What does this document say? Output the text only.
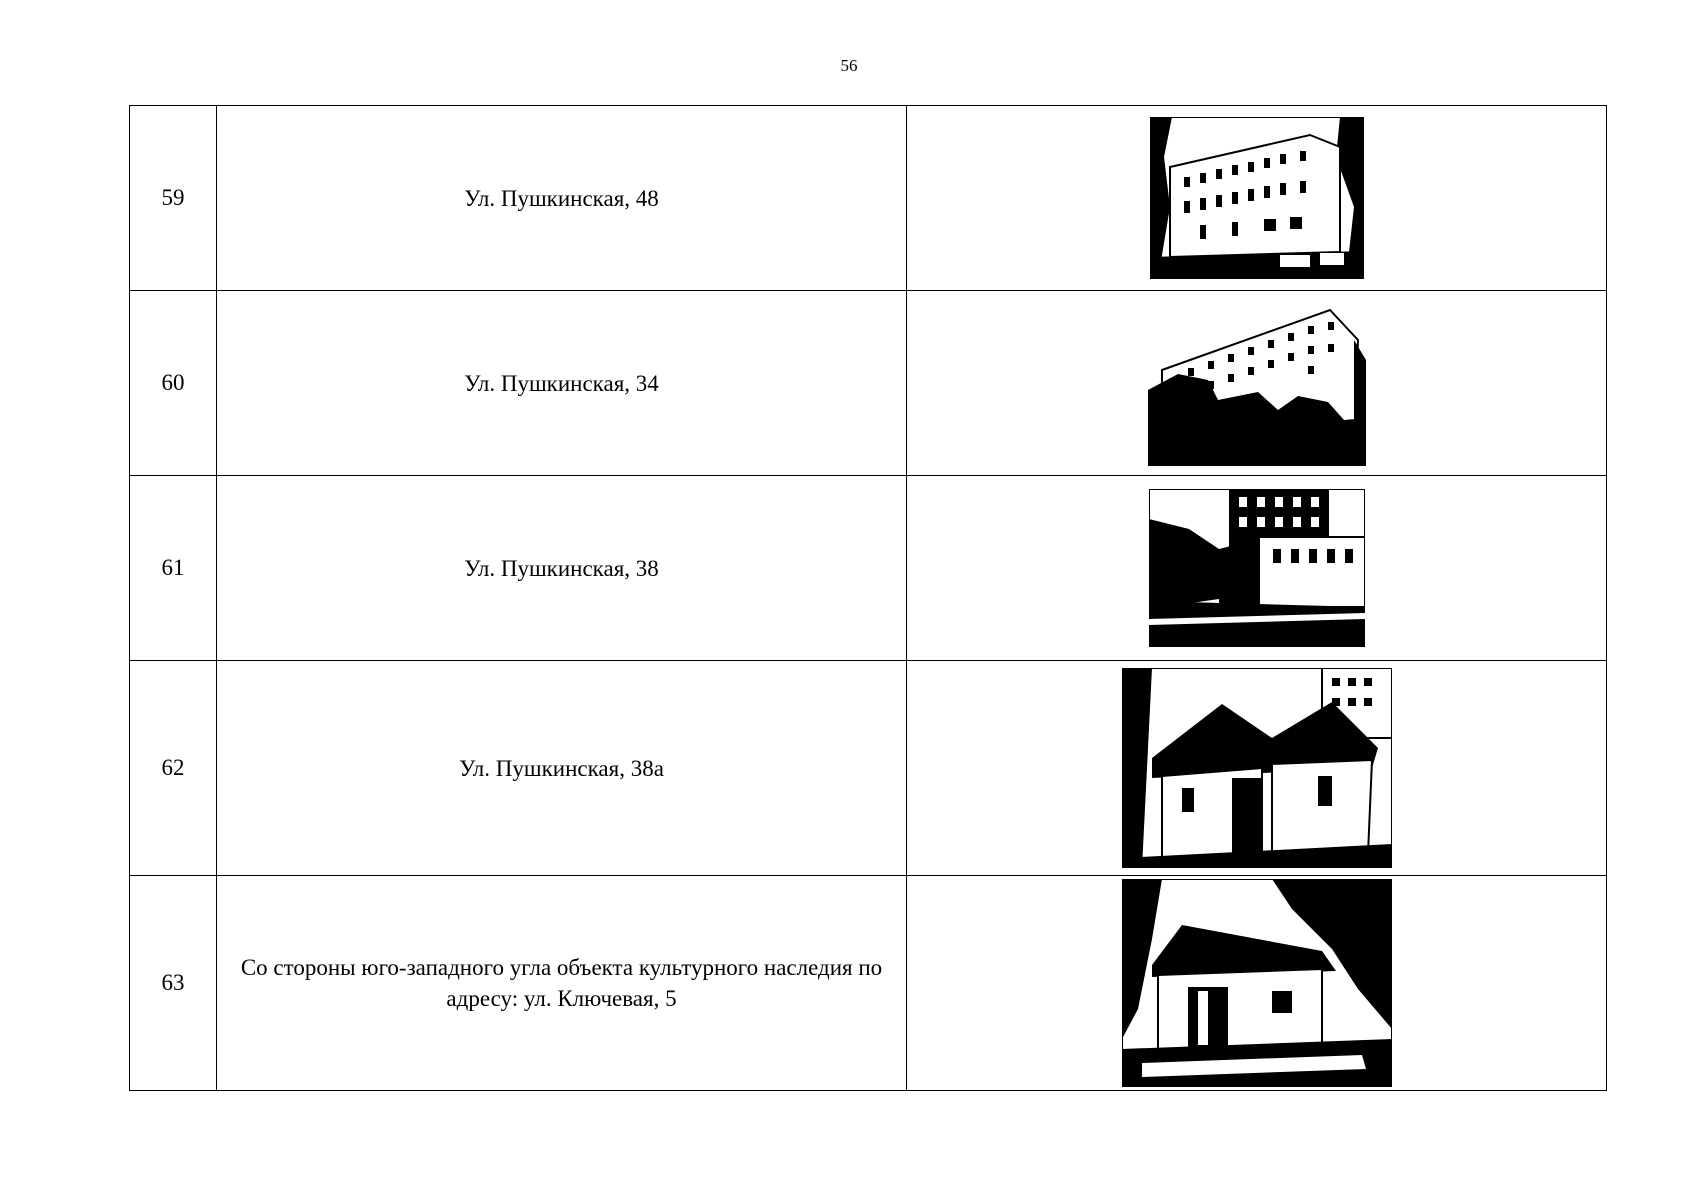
56
59	Ул. Пушкинская, 48	

60	Ул. Пушкинская, 34	

61	Ул. Пушкинская, 38	

62	Ул. Пушкинская, 38а	

63	Со стороны юго-западного угла объекта культурного наследия по адресу: ул. Ключевая, 5	
